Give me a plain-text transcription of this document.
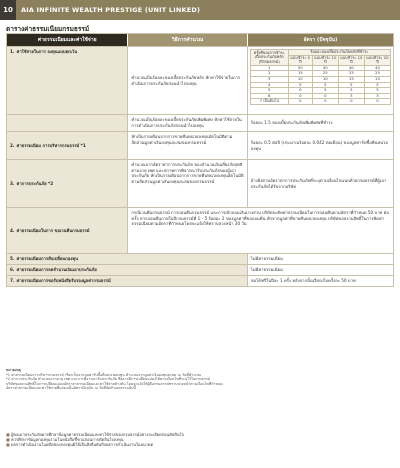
10	AIA INFINITE WEALTH PRESTIGE (UNIT LINKED)
ตารางค่าธรรมเนียมกรมธรรม์
ค่าธรรมเนียมและค่าใช้จ่าย	วิธีการคำนวณ	อัตรา (ปัจจุบัน)
1. ค่าใช้จ่ายในการ ลงทุนแบบยกเว้น
คำนวณเป็นร้อยละของเบี้ยประกันภัยหลัก หักค่าใช้จ่ายในการดำเนินการประกันภัยก่อนนำไปลงทุน
ครั้งที่ของการชำระเบี้ยประกันภัยหลัก (ปีกรมธรรม์)	ร้อยละของเบี้ยประกันภัยหลักที่ชำระ			
	แบบชำระ 5 ปี	แบบชำระ 10 ปี	แบบชำระ 15 ปี	แบบชำระ 20 ปี
1	50	40	40	40
2	15	25	25	25
3	10	10	15	15
4	5	5	5	5
5	0	5	5	5
6	0	0	3	3
7 เป็นต้นไป	0	0	0	0
คำนวณเป็นร้อยละของเบี้ยประกันภัยเพิ่มพิเศษ หักค่าใช้จ่ายในการดำเนินการประกันภัยก่อนนำไปลงทุน	ร้อยละ 1.5 ของเบี้ยประกันภัยเพิ่มพิเศษที่ชำระ
2. ค่าธรรมเนียม การบริหารกรมธรรม์ *1
หักเป็นรายเดือนจากการขายคืนหน่วยลงทุนอัตโนมัติตามสัดส่วนมูลค่าเงินลงทุนสะสมของกรมธรรม์	ร้อยละ 0.5 ต่อปี (ประมาณร้อยละ 0.042 ต่อเดือน) ของมูลค่ารับซื้อคืนหน่วยลงทุน
3. ค่าการประกันภัย *2
คำนวณจากอัตราค่าการประกันภัย ของจำนวนเงินเสี่ยงภัยสุทธิ ตามอายุ เพศ และสภาพการพิจารณารับประกันภัยของผู้เอาประกันภัย หักเป็นรายเดือนจากการขายคืนหน่วยลงทุนอัตโนมัติตามสัดส่วนมูลค่าเงินลงทุนสะสมของกรมธรรม์	อ้างอิงตามอัตราค่าการประกันภัยที่ระบุตามเงื่อนไขแนบท้ายกรมธรรม์ที่ผู้เอาประกันภัยได้รับจากบริษัท
4. ค่าธรรมเนียมในการ ขอเวนคืนกรมธรรม์
กรณีเวนคืนกรมธรรม์ การถอนคืนกรมธรรม์ และการเบิกถอนเงินบางส่วน บริษัทจะคิดค่าธรรมเนียมในการถอนคืนตามอัตราที่กำหนด 50 บาท ต่อครั้ง หากถอนคืนภายในปีกรมธรรม์ที่ 1 - 5 ร้อยละ 2 ของมูลค่าที่ขอถอนคืน หักจากมูลค่าที่ขายคืนหน่วยลงทุน บริษัทขอสงวนสิทธิ์ในการคิดค่าธรรมเนียมตามอัตราที่กำหนดโดยจะแจ้งให้ทราบล่วงหน้า 30 วัน
5. ค่าธรรมเนียมการสับเปลี่ยนกองทุน	ไม่มีค่าธรรมเนียม
6. ค่าธรรมเนียมการลดจำนวนเงินเอาประกันภัย	ไม่มีค่าธรรมเนียม
7. ค่าธรรมเนียมการขอรับหนังสือรับรองมูลค่ากรมธรรม์	ขอได้ฟรีในปีละ 1 ครั้ง หลังจากนั้นเรียกเก็บครั้งละ 50 บาท
หมายเหตุ
*1 ค่าธรรมเนียมการบริหารกรมธรรม์ เรียกเก็บจากมูลค่ารับซื้อคืนหน่วยลงทุน คำนวณจากมูลค่าเงินลงทุนสะสม ณ วันที่คำนวณ
*2 ค่าการประกันภัย คำนวณจากอายุ เพศ และการพิจารณารับประกันภัย ซึ่งอาจมีการเปลี่ยนแปลงได้ตามเงื่อนไขที่ระบุไว้ในกรมธรรม์
บริษัทขอสงวนสิทธิ์ในการเปลี่ยนแปลงอัตราค่าธรรมเนียมและค่าใช้จ่ายข้างต้น โดยจะแจ้งให้ผู้ถือกรมธรรม์ทราบล่วงหน้าตามเงื่อนไขที่กำหนด
อัตราค่าธรรมเนียมและค่าใช้จ่ายที่แสดงเป็นอัตราปัจจุบัน ณ วันที่จัดทำเอกสารฉบับนี้
■ ผู้ขอเอาประกันภัยควรศึกษาข้อมูลค่าธรรมเนียมและค่าใช้จ่ายของกรมธรรม์อย่างละเอียดก่อนตัดสินใจ
■ ควรศึกษาข้อมูลกองทุนรวมในหนังสือชี้ชวนก่อนการตัดสินใจลงทุน
■ ผลการดำเนินงานในอดีตของกองทุนมิได้เป็นสิ่งยืนยันถึงผลการดำเนินงานในอนาคต
